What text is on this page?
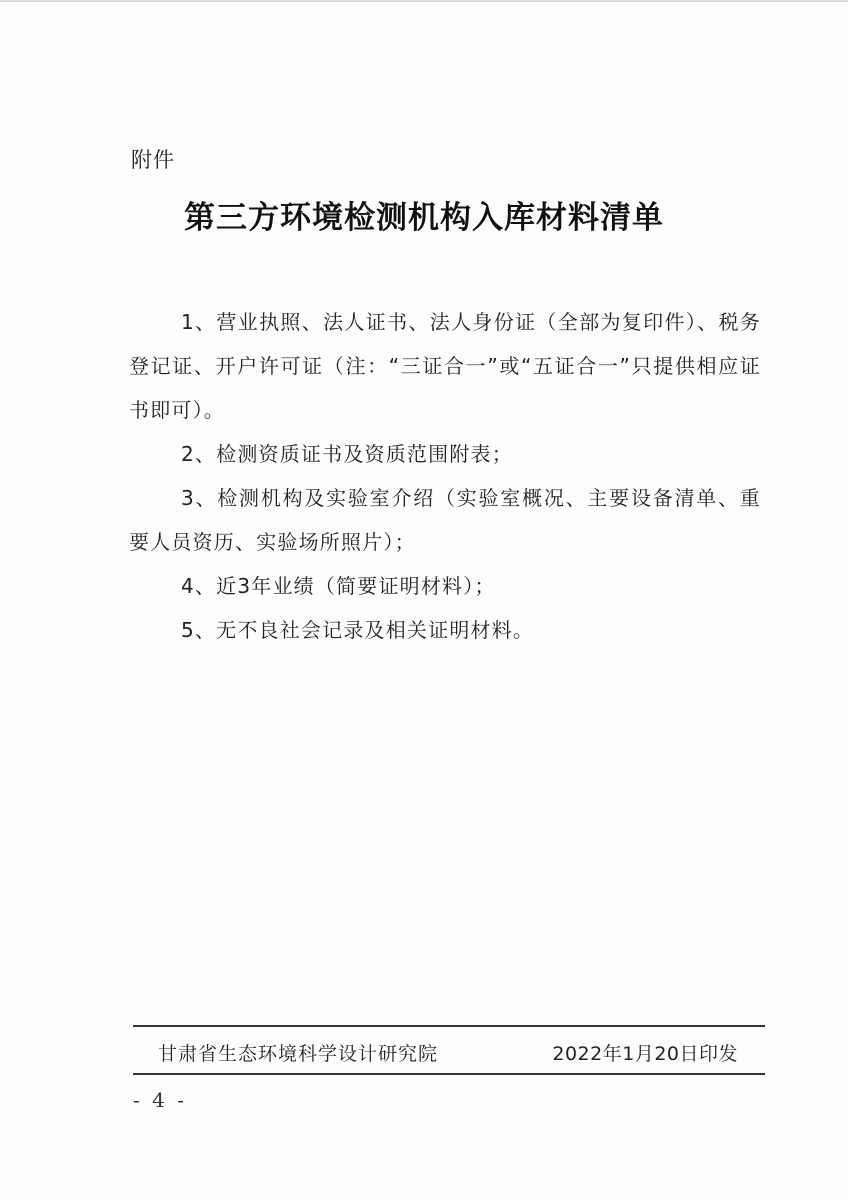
附件
第三方环境检测机构入库材料清单

1、营业执照、法人证书、法人身份证（全部为复印件）、税务登记证、开户许可证（注：“三证合一”或“五证合一”只提供相应证书即可）。

2、检测资质证书及资质范围附表；

3、检测机构及实验室介绍（实验室概况、主要设备清单、重要人员资历、实验场所照片）；

4、近3年业绩（简要证明材料）；

5、无不良社会记录及相关证明材料。

甘肃省生态环境科学设计研究院	2022年1月20日印发
- 4 -
